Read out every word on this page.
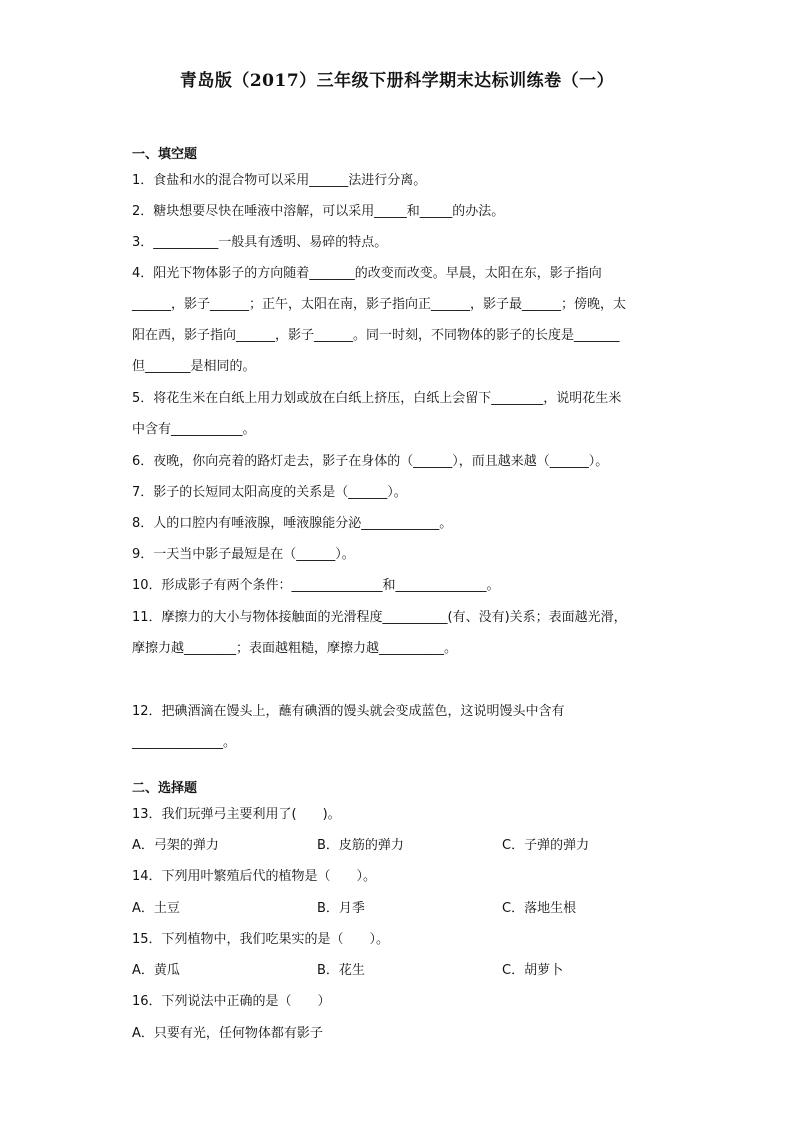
青岛版（2017）三年级下册科学期末达标训练卷（一）
一、填空题
1．食盐和水的混合物可以采用______法进行分离。
2．糖块想要尽快在唾液中溶解，可以采用_____和_____的办法。
3．__________一般具有透明、易碎的特点。
4．阳光下物体影子的方向随着_______的改变而改变。早晨，太阳在东，影子指向
______，影子______；正午，太阳在南，影子指向正______，影子最______；傍晚，太
阳在西，影子指向______，影子______。同一时刻，不同物体的影子的长度是_______
但_______是相同的。
5．将花生米在白纸上用力划或放在白纸上挤压，白纸上会留下________，说明花生米
中含有___________。
6．夜晚，你向亮着的路灯走去，影子在身体的（______），而且越来越（______）。
7．影子的长短同太阳高度的关系是（______）。
8．人的口腔内有唾液腺，唾液腺能分泌____________。
9．一天当中影子最短是在（______）。
10．形成影子有两个条件：______________和______________。
11．摩擦力的大小与物体接触面的光滑程度__________(有、没有)关系；表面越光滑，
摩擦力越________；表面越粗糙，摩擦力越__________。
12．把碘酒滴在馒头上，蘸有碘酒的馒头就会变成蓝色，这说明馒头中含有
______________。
二、选择题
13．我们玩弹弓主要利用了(　　)。
A．弓架的弹力	B．皮筋的弹力	C．子弹的弹力
14．下列用叶繁殖后代的植物是（　　）。
A．土豆	B．月季	C．落地生根
15．下列植物中，我们吃果实的是（　　）。
A．黄瓜	B．花生	C．胡萝卜
16．下列说法中正确的是（　　）
A．只要有光，任何物体都有影子
